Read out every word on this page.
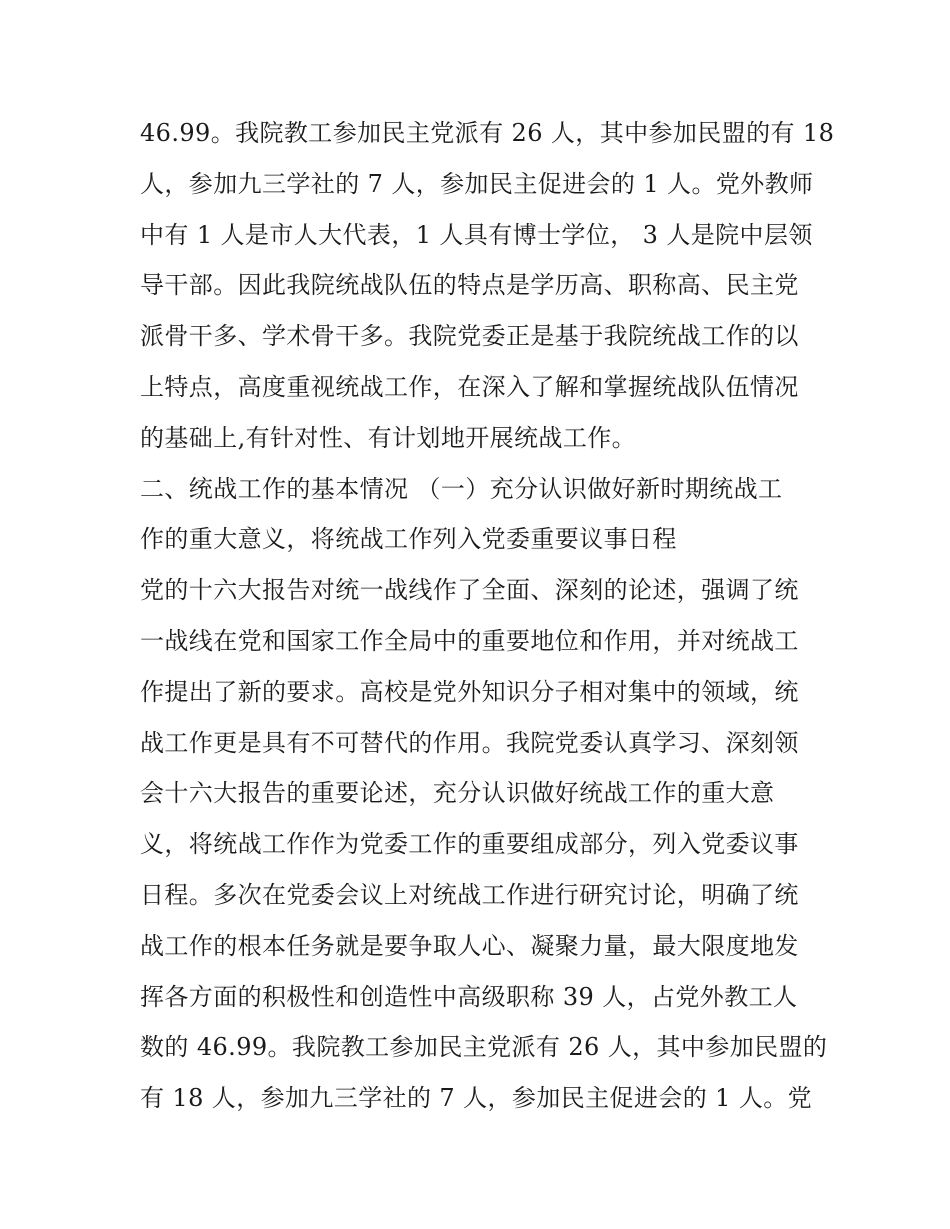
46.99。我院教工参加民主党派有 26 人，其中参加民盟的有 18
人，参加九三学社的 7 人，参加民主促进会的 1 人。党外教师
中有 1 人是市人大代表，1 人具有博士学位， 3 人是院中层领
导干部。因此我院统战队伍的特点是学历高、职称高、民主党
派骨干多、学术骨干多。我院党委正是基于我院统战工作的以
上特点，高度重视统战工作，在深入了解和掌握统战队伍情况
的基础上,有针对性、有计划地开展统战工作。
二、统战工作的基本情况 （一）充分认识做好新时期统战工
作的重大意义，将统战工作列入党委重要议事日程
党的十六大报告对统一战线作了全面、深刻的论述，强调了统
一战线在党和国家工作全局中的重要地位和作用，并对统战工
作提出了新的要求。高校是党外知识分子相对集中的领域，统
战工作更是具有不可替代的作用。我院党委认真学习、深刻领
会十六大报告的重要论述，充分认识做好统战工作的重大意
义，将统战工作作为党委工作的重要组成部分，列入党委议事
日程。多次在党委会议上对统战工作进行研究讨论，明确了统
战工作的根本任务就是要争取人心、凝聚力量，最大限度地发
挥各方面的积极性和创造性中高级职称 39 人，占党外教工人
数的 46.99。我院教工参加民主党派有 26 人，其中参加民盟的
有 18 人，参加九三学社的 7 人，参加民主促进会的 1 人。党
